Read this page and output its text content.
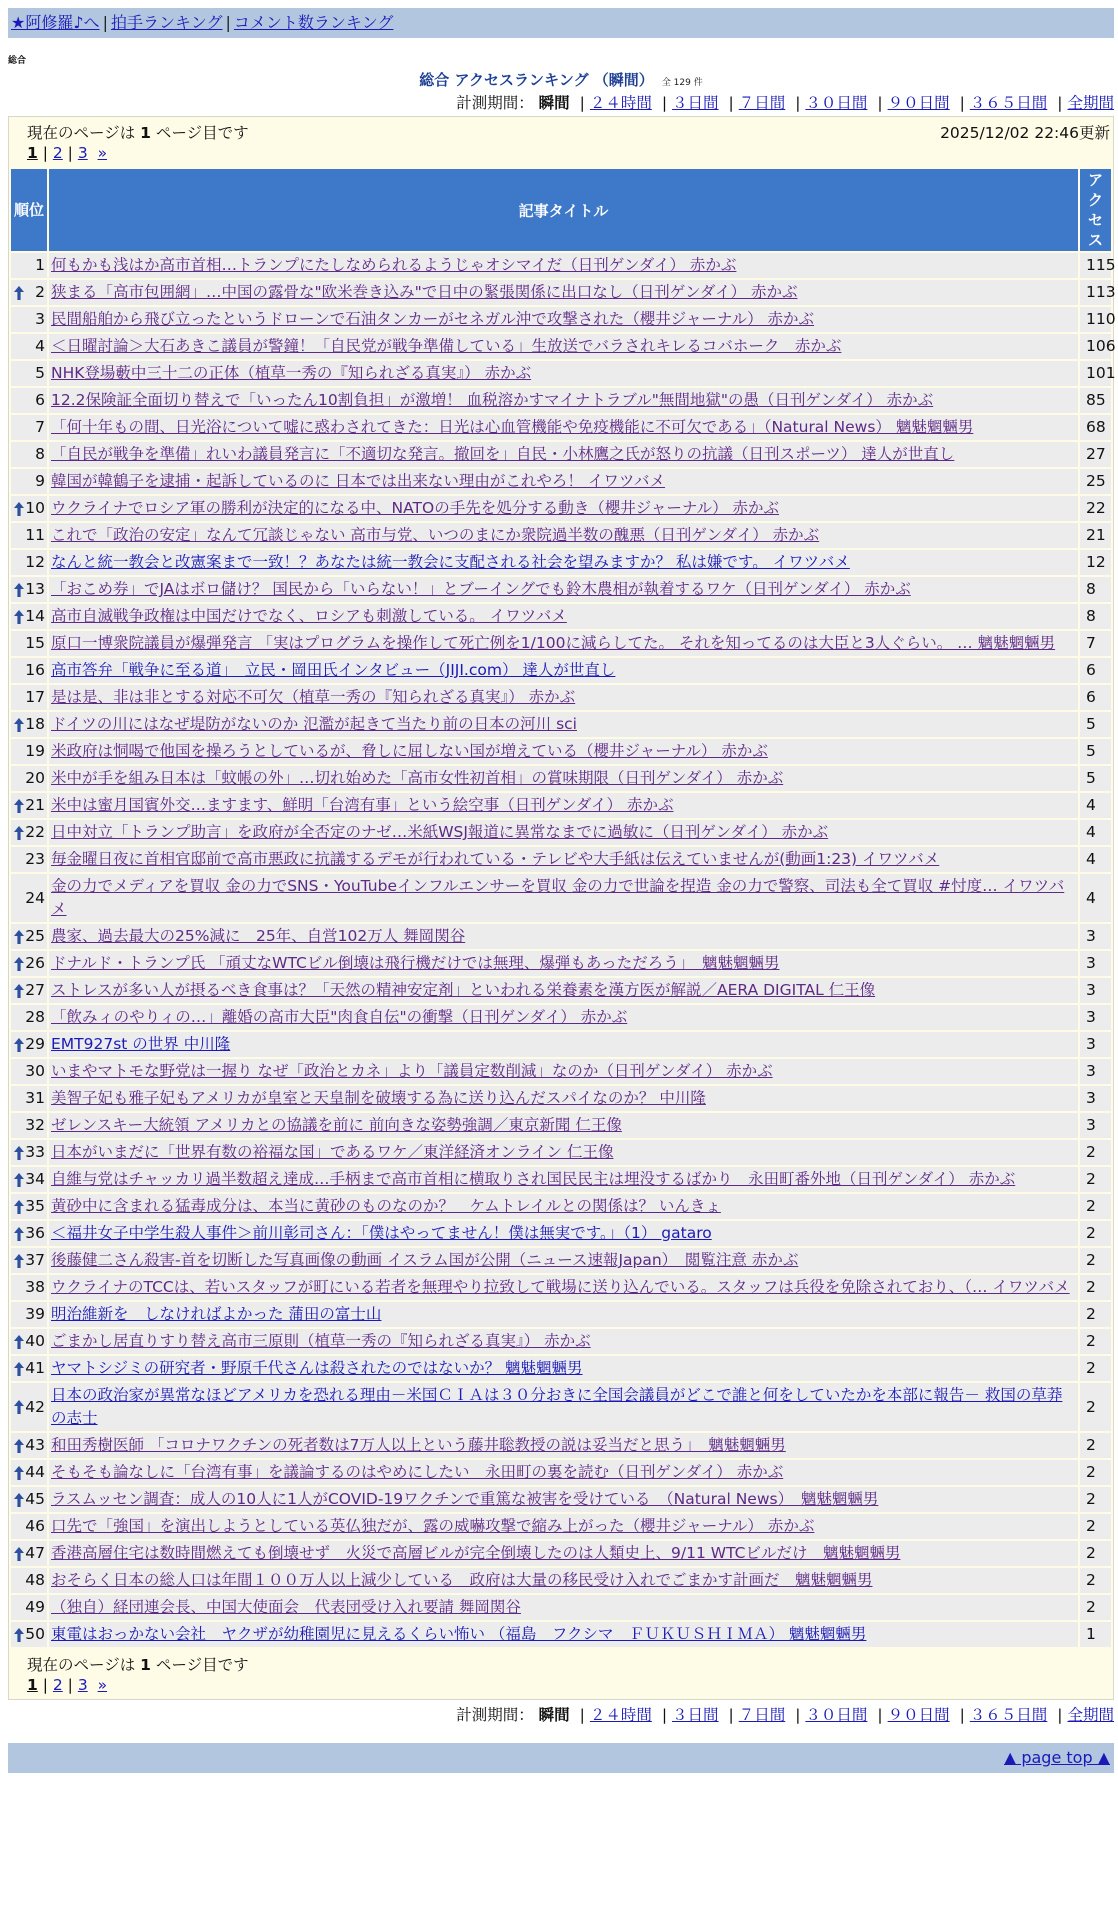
★阿修羅♪へ | 拍手ランキング | コメント数ランキング
総合
総合 アクセスランキング （瞬間） 全 129 件
計測期間： 瞬間 | ２４時間 | ３日間 | ７日間 | ３０日間 | ９０日間 | ３６５日間 | 全期間
現在のページは 1 ページ目です	2025/12/02 22:46更新
1 | 2 | 3 »
順位	記事タイトル	アクセス
1	何もかも浅はか高市首相…トランプにたしなめられるようじゃオシマイだ（日刊ゲンダイ） 赤かぶ	115

2	狭まる「高市包囲網」…中国の露骨な"欧米巻き込み"で日中の緊張関係に出口なし（日刊ゲンダイ） 赤かぶ	113
3	民間船舶から飛び立ったというドローンで石油タンカーがセネガル沖で攻撃された（櫻井ジャーナル） 赤かぶ	110
4	＜日曜討論＞大石あきこ議員が警鐘！「自民党が戦争準備している」生放送でバラされキレるコバホーク　赤かぶ	106
5	NHK登場藪中三十二の正体（植草一秀の『知られざる真実』） 赤かぶ	101
6	12.2保険証全面切り替えで「いったん10割負担」が激増！ 血税溶かすマイナトラブル"無間地獄"の愚（日刊ゲンダイ） 赤かぶ	85
7	「何十年もの間、日光浴について嘘に惑わされてきた：日光は心血管機能や免疫機能に不可欠である」（Natural News） 魑魅魍魎男	68
8	「自民が戦争を準備」れいわ議員発言に「不適切な発言。撤回を」自民・小林鷹之氏が怒りの抗議（日刊スポーツ） 達人が世直し	27
9	韓国が韓鶴子を逮捕・起訴しているのに 日本では出来ない理由がこれやろ！ イワツバメ	25

10	ウクライナでロシア軍の勝利が決定的になる中、NATOの手先を処分する動き（櫻井ジャーナル） 赤かぶ	22
11	これで「政治の安定」なんて冗談じゃない 高市与党、いつのまにか衆院過半数の醜悪（日刊ゲンダイ） 赤かぶ	21
12	なんと統一教会と改憲案まで一致！？あなたは統一教会に支配される社会を望みますか？ 私は嫌です。 イワツバメ	12

13	「おこめ券」でJAはボロ儲け？ 国民から「いらない！」とブーイングでも鈴木農相が執着するワケ（日刊ゲンダイ） 赤かぶ	8

14	高市自滅戦争政権は中国だけでなく、ロシアも刺激している。 イワツバメ	8
15	原口一博衆院議員が爆弾発言 「実はプログラムを操作して死亡例を1/100に減らしてた。 それを知ってるのは大臣と3人ぐらい。 … 魑魅魍魎男	7
16	高市答弁「戦争に至る道」　立民・岡田氏インタビュー（JIJI.com） 達人が世直し	6
17	是は是、非は非とする対応不可欠（植草一秀の『知られざる真実』） 赤かぶ	6

18	ドイツの川にはなぜ堤防がないのか 氾濫が起きて当たり前の日本の河川 sci	5
19	米政府は恫喝で他国を操ろうとしているが、脅しに屈しない国が増えている（櫻井ジャーナル） 赤かぶ	5
20	米中が手を組み日本は「蚊帳の外」…切れ始めた「高市女性初首相」の賞味期限（日刊ゲンダイ） 赤かぶ	5

21	米中は蜜月国賓外交…ますます、鮮明「台湾有事」という絵空事（日刊ゲンダイ） 赤かぶ	4

22	日中対立「トランプ助言」を政府が全否定のナゼ…米紙WSJ報道に異常なまでに過敏に（日刊ゲンダイ） 赤かぶ	4
23	毎金曜日夜に首相官邸前で高市悪政に抗議するデモが行われている・テレビや大手紙は伝えていませんが(動画1:23) イワツバメ	4
24	金の力でメディアを買収 金の力でSNS・YouTubeインフルエンサーを買収 金の力で世論を捏造 金の力で警察、司法も全て買収 #忖度… イワツバメ	4

25	農家、過去最大の25%減に　25年、自営102万人 舞岡関谷	3

26	ドナルド・トランプ氏 「頑丈なWTCビル倒壊は飛行機だけでは無理、爆弾もあっただろう」　魑魅魍魎男	3

27	ストレスが多い人が摂るべき食事は？「天然の精神安定剤」といわれる栄養素を漢方医が解説／AERA DIGITAL 仁王像	3
28	「飲みィのやりィの…」離婚の高市大臣"肉食自伝"の衝撃（日刊ゲンダイ） 赤かぶ	3

29	EMT927st の世界 中川隆	3
30	いまやマトモな野党は一握り なぜ「政治とカネ」より「議員定数削減」なのか（日刊ゲンダイ） 赤かぶ	3
31	美智子妃も雅子妃もアメリカが皇室と天皇制を破壊する為に送り込んだスパイなのか？ 中川隆	3
32	ゼレンスキー大統領 アメリカとの協議を前に 前向きな姿勢強調／東京新聞 仁王像	3

33	日本がいまだに「世界有数の裕福な国」であるワケ／東洋経済オンライン 仁王像	2

34	自維与党はチャッカリ過半数超え達成…手柄まで高市首相に横取りされ国民民主は埋没するばかり　永田町番外地（日刊ゲンダイ） 赤かぶ	2

35	黄砂中に含まれる猛毒成分は、本当に黄砂のものなのか？　ケムトレイルとの関係は？ いんきょ	2

36	＜福井女子中学生殺人事件＞前川彰司さん：「僕はやってません！僕は無実です。」（1） gataro	2

37	後藤健二さん殺害-首を切断した写真画像の動画 イスラム国が公開（ニュース速報Japan）　閲覧注意 赤かぶ	2
38	ウクライナのTCCは、若いスタッフが町にいる若者を無理やり拉致して戦場に送り込んでいる。スタッフは兵役を免除されており、（… イワツバメ	2
39	明治維新を　しなければよかった 蒲田の富士山	2

40	ごまかし居直りすり替え高市三原則（植草一秀の『知られざる真実』） 赤かぶ	2

41	ヤマトシジミの研究者・野原千代さんは殺されたのではないか？ 魑魅魍魎男	2

42	日本の政治家が異常なほどアメリカを恐れる理由－米国ＣＩＡは３０分おきに全国会議員がどこで誰と何をしていたかを本部に報告－ 救国の草莽の志士	2

43	和田秀樹医師 「コロナワクチンの死者数は7万人以上という藤井聡教授の説は妥当だと思う」　魑魅魍魎男	2

44	そもそも論なしに「台湾有事」を議論するのはやめにしたい　永田町の裏を読む（日刊ゲンダイ） 赤かぶ	2

45	ラスムッセン調査：成人の10人に1人がCOVID-19ワクチンで重篤な被害を受けている　（Natural News）　魑魅魍魎男	2
46	口先で「強国」を演出しようとしている英仏独だが、露の威嚇攻撃で縮み上がった（櫻井ジャーナル） 赤かぶ	2

47	香港高層住宅は数時間燃えても倒壊せず　火災で高層ビルが完全倒壊したのは人類史上、9/11 WTCビルだけ　魑魅魍魎男	2
48	おそらく日本の総人口は年間１００万人以上減少している　政府は大量の移民受け入れでごまかす計画だ　魑魅魍魎男	2
49	（独自）経団連会長、中国大使面会　代表団受け入れ要請 舞岡関谷	2

50	東電はおっかない会社　ヤクザが幼稚園児に見えるくらい怖い （福島　フクシマ　ＦＵＫＵＳＨＩＭＡ） 魑魅魍魎男	1
現在のページは 1 ページ目です
1 | 2 | 3 »
計測期間： 瞬間 | ２４時間 | ３日間 | ７日間 | ３０日間 | ９０日間 | ３６５日間 | 全期間
▲ page top ▲
